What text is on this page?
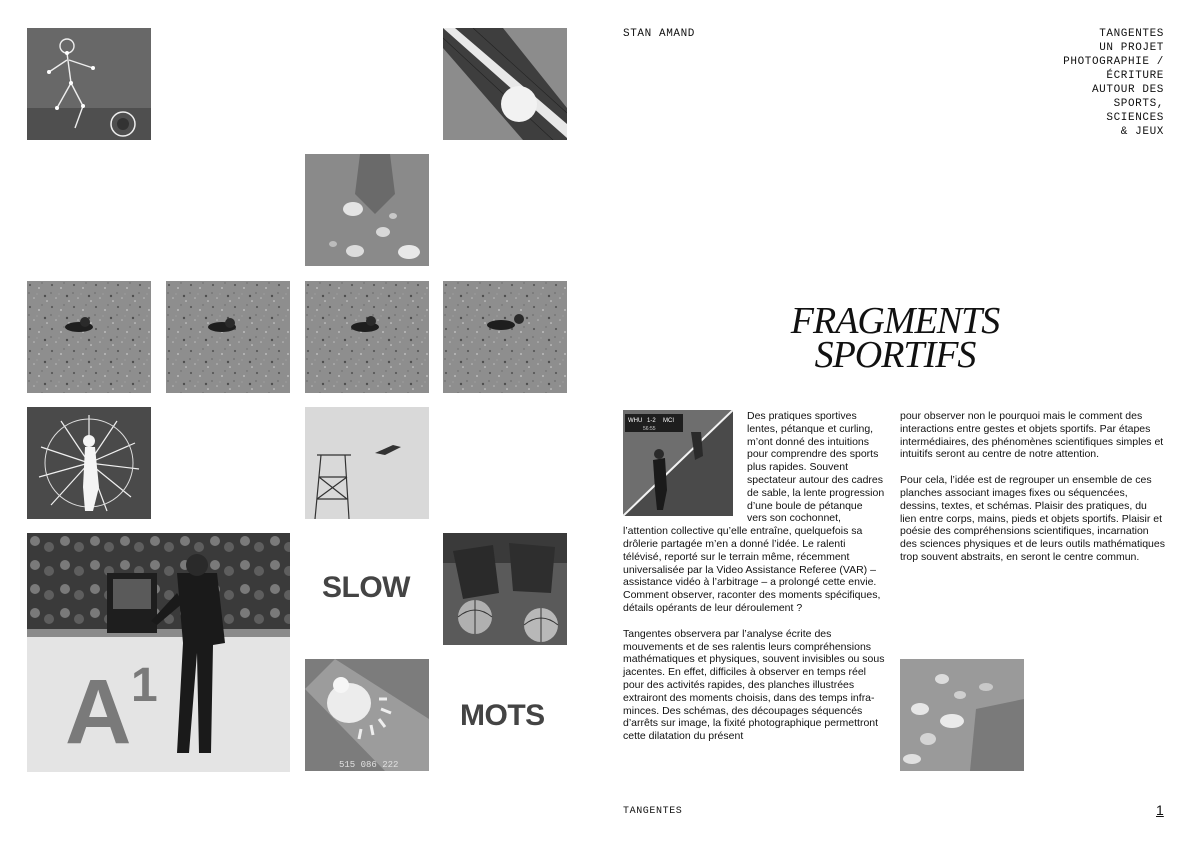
A 1
SLOW
515 086 222
MOTS
STAN AMAND	TANGENTES
UN PROJET
PHOTOGRAPHIE /
ÉCRITURE
AUTOUR DES
SPORTS,
SCIENCES
& JEUX
FRAGMENTS
SPORTIFS
WHU 1-2 MCI
56:55

Des pratiques sportives lentes, pétanque et curling, m’ont donné des intuitions pour comprendre des sports plus rapides. Souvent spectateur autour des cadres de sable, la lente progression d’une boule de pétanque vers son cochonnet, l’attention collective qu’elle entraîne, quelquefois sa drôlerie partagée m’en a donné l’idée. Le ralenti télévisé, reporté sur le terrain même, récemment universalisée par la Video Assistance Referee (VAR) – assistance vidéo à l’arbitrage – a prolongé cette envie. Comment observer, raconter des moments spécifiques, détails opérants de leur déroulement ?

Tangentes observera par l’analyse écrite des mouvements et de ses ralentis leurs compréhensions mathématiques et physiques, souvent invisibles ou sous jacentes. En effet, difficiles à observer en temps réel pour des activités rapides, des planches illustrées extrairont des moments choisis, dans des temps infra-minces. Des schémas, des découpages séquencés d’arrêts sur image, la fixité photographique permettront cette dilatation du présent

pour observer non le pourquoi mais le comment des interactions entre gestes et objets sportifs. Par étapes intermédiaires, des phénomènes scientifiques simples et intuitifs seront au centre de notre attention.

Pour cela, l’idée est de regrouper un ensemble de ces planches associant images fixes ou séquencées, dessins, textes, et schémas. Plaisir des pratiques, du lien entre corps, mains, pieds et objets sportifs. Plaisir et poésie des compréhensions scientifiques, incarnation des sciences physiques et de leurs outils mathématiques trop souvent abstraits, en seront le centre commun.

TANGENTES	1
